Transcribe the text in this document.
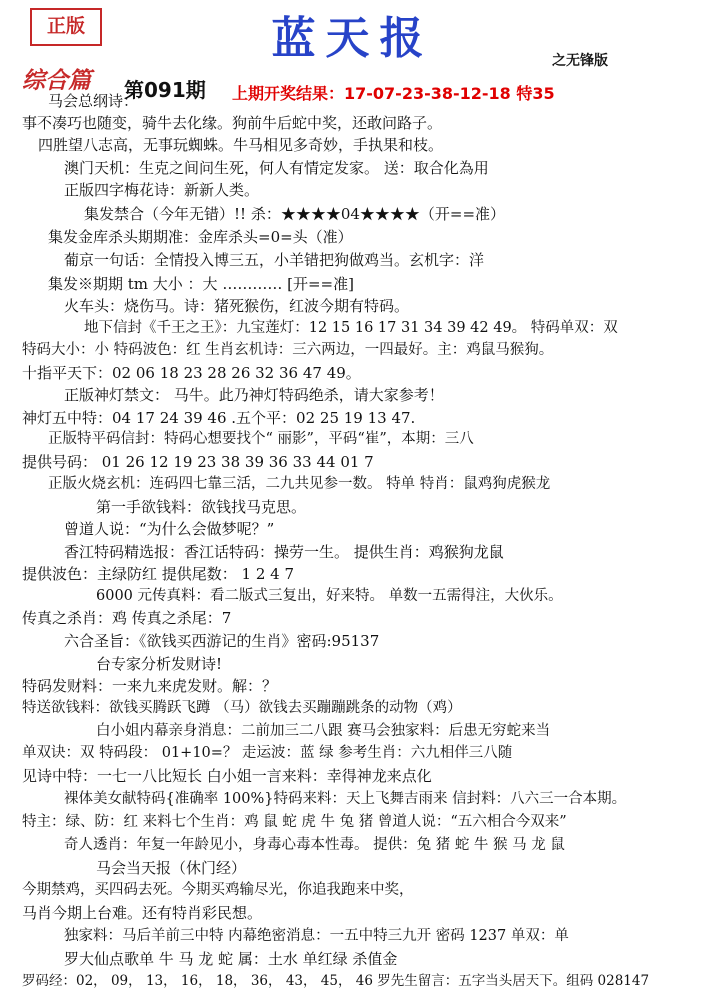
正版	蓝天报	之无锋版
综合篇 第091期 上期开奖结果：17-07-23-38-12-18 特35
马会总纲诗：
事不凑巧也随变，骑牛去化缘。狗前牛后蛇中奖，还敢问路子。
四胜望八志高，无事玩蜘蛛。牛马相见多奇妙，手执果和枝。
澳门天机：生克之间问生死，何人有情定发家。 送：取合化為用
正版四字梅花诗：新新人类。
集发禁合（今年无错）!! 杀：★★★★04★★★★（开==准）
集发金库杀头期期准：金库杀头=0=头（准）
葡京一句话：全情投入博三五，小羊错把狗做鸡当。玄机字：洋
集发※期期 tm 大小 ：大 ………… [开==准]
火车头：烧伤马。诗：猪死猴伤，红波今期有特码。
地下信封《千王之王》：九宝莲灯：12 15 16 17 31 34 39 42 49。 特码单双：双
特码大小：小 特码波色：红 生肖玄机诗：三六两边，一四最好。主：鸡鼠马猴狗。
十指平天下：02 06 18 23 28 26 32 36 47 49。
正版神灯禁文： 马牛。此乃神灯特码绝杀，请大家参考！
神灯五中特：04 17 24 39 46 .五个平：02 25 19 13 47.
正版特平码信封：特码心想要找个“ 丽影”，平码“崔”，本期：三八
提供号码： 01 26 12 19 23 38 39 36 33 44 01 7
正版火烧玄机：连码四七靠三活，二九共见参一数。 特单 特肖：鼠鸡狗虎猴龙
第一手欲钱料：欲钱找马克思。
曾道人说：“为什么会做梦呢？”
香江特码精选报：香江话特码：操劳一生。 提供生肖：鸡猴狗龙鼠
提供波色：主绿防红 提供尾数： 1 2 4 7
6000 元传真料：看二版式三复出，好来特。 单数一五需得注，大伙乐。
传真之杀肖：鸡 传真之杀尾：7
六合圣旨：《欲钱买西游记的生肖》密码:95137
台专家分析发财诗!
特码发财料：一来九来虎发财。解：？
特送欲钱料：欲钱买腾跃飞蹲 （马）欲钱去买蹦蹦跳条的动物（鸡）
白小姐内幕亲身消息：二前加三二八跟 赛马会独家料：后患无穷蛇来当
单双诀：双 特码段： 01+10=？ 走运波：蓝 绿 参考生肖：六九相伴三八随
见诗中特：一七一八比短长 白小姐一言来料：幸得神龙来点化
裸体美女献特码{准确率 100%}特码来料：天上飞舞吉雨来 信封料：八六三一合本期。
特主：绿、防：红 来料七个生肖：鸡 鼠 蛇 虎 牛 兔 猪 曾道人说：“五六相合今双来”
奇人透肖：年复一年龄见小，身毒心毒本性毒。 提供：兔 猪 蛇 牛 猴 马 龙 鼠
马会当天报（休门经）
今期禁鸡，买四码去死。今期买鸡输尽光，你追我跑来中奖，
马肖今期上台难。还有特肖彩民想。
独家料：马后羊前三中特 内幕绝密消息：一五中特三九开 密码 1237 单双：单
罗大仙点歌单 牛 马 龙 蛇 属：土水 单红绿 杀值金
罗码经：02， 09， 13， 16， 18， 36， 43， 45， 46 罗先生留言：五字当头居天下。组码 028147
